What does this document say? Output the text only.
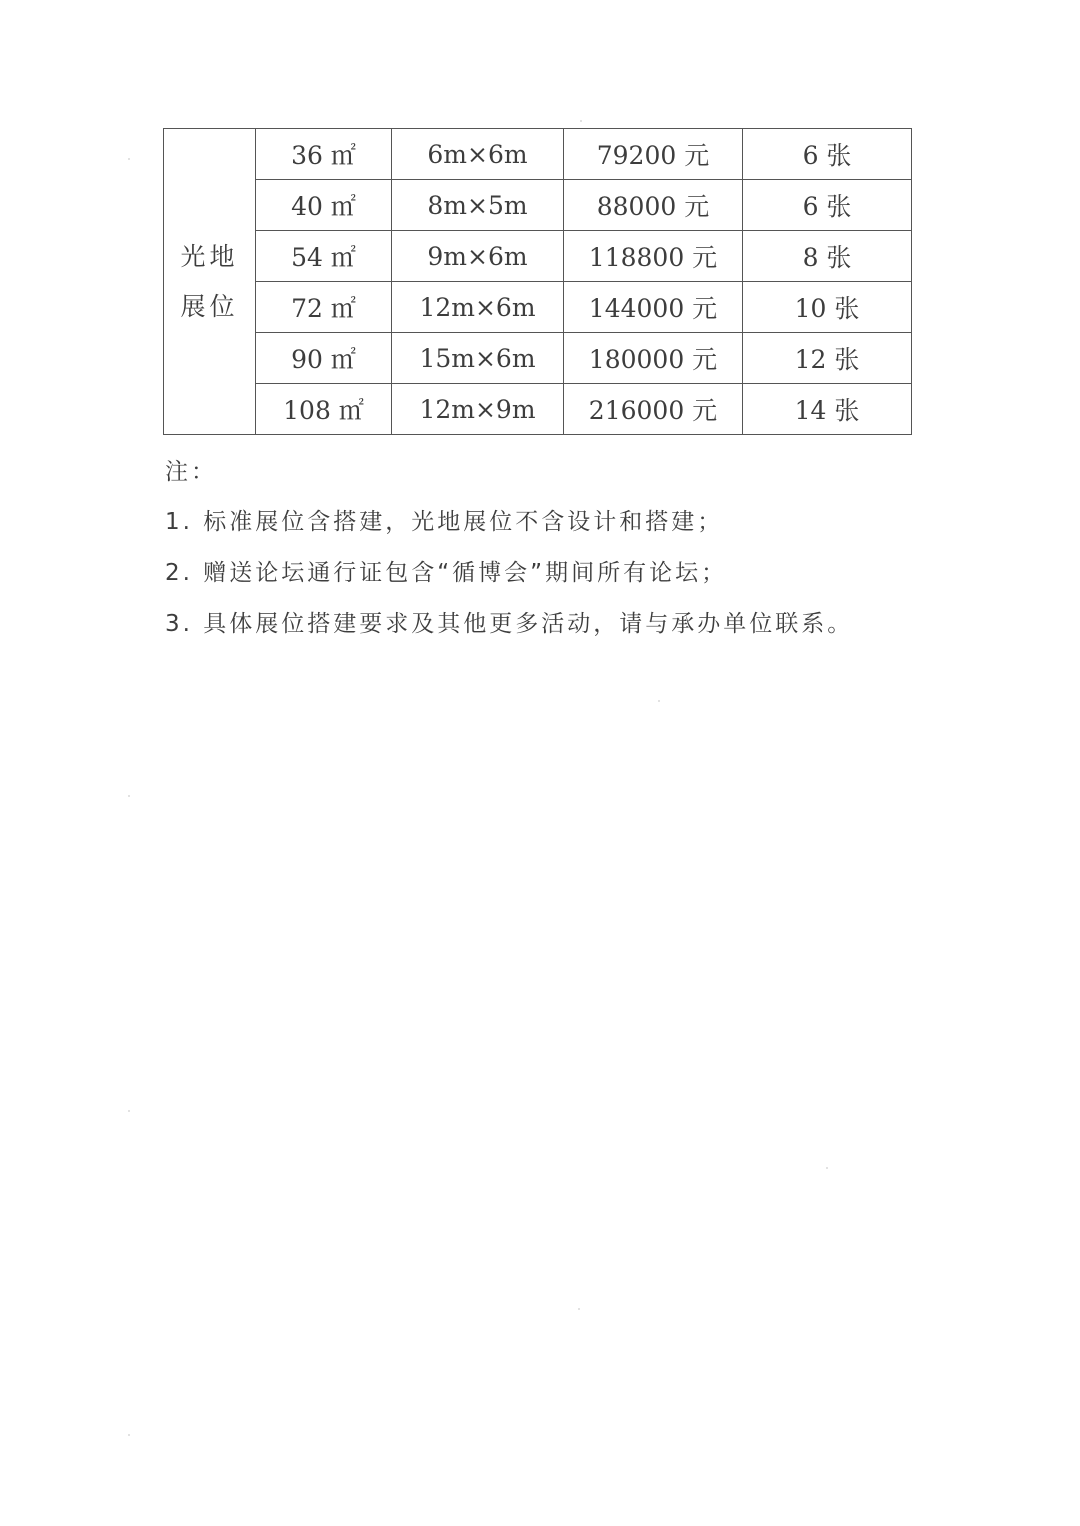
光地
展位	36 ㎡	6m×6m	79200 元	6 张
	40 ㎡	8m×5m	88000 元	6 张
	54 ㎡	9m×6m	118800 元	8 张
	72 ㎡	12m×6m	144000 元	10 张
	90 ㎡	15m×6m	180000 元	12 张
	108 ㎡	12m×9m	216000 元	14 张
注：
1. 标准展位含搭建，光地展位不含设计和搭建；
2. 赠送论坛通行证包含“循博会”期间所有论坛；
3. 具体展位搭建要求及其他更多活动，请与承办单位联系。
